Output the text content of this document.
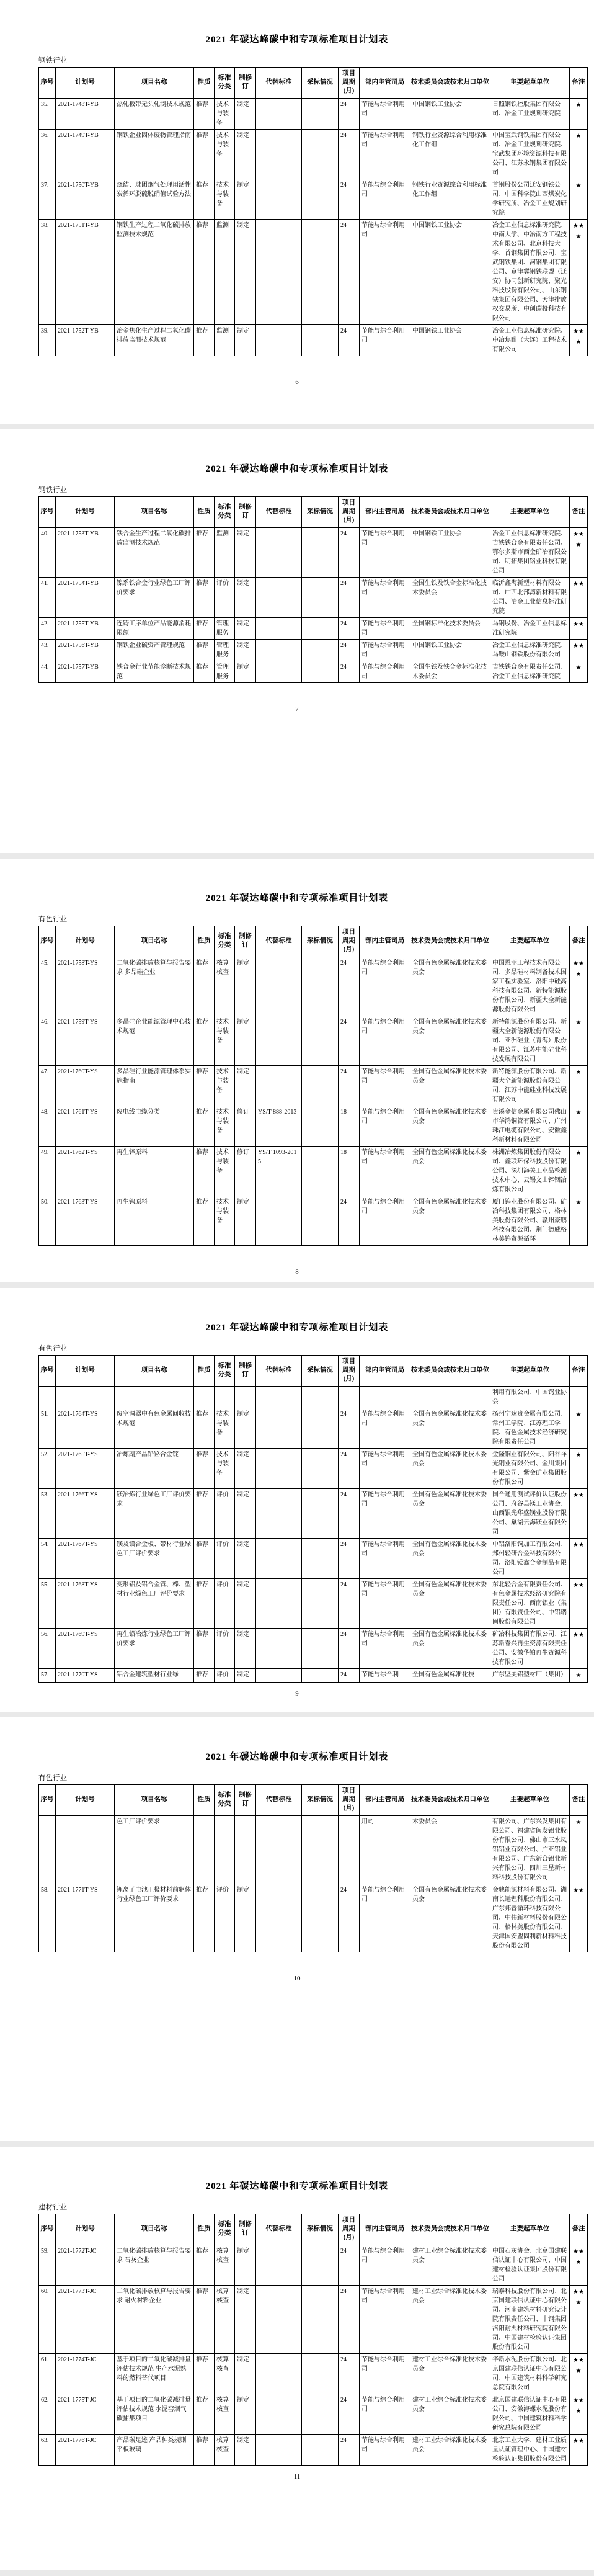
2021 年碳达峰碳中和专项标准项目计划表
钢铁行业
序号	计划号	项目名称	性质	标准分类	制修订	代替标准	采标情况	项目周期(月)	部内主管司局	技术委员会或技术归口单位	主要起草单位	备注
35.	2021-1748T-YB	热轧板带无头轧制技术规范	推荐	技术与装备	制定			24	节能与综合利用司	中国钢铁工业协会	日照钢铁控股集团有限公司、冶金工业规划研究院	★
36.	2021-1749T-YB	钢铁企业固体废物管理指南	推荐	技术与装备	制定			24	节能与综合利用司	钢铁行业资源综合利用标准化工作组	中国宝武钢铁集团有限公司、冶金工业规划研究院、宝武集团环境资源科技有限公司、江苏永钢集团有限公司	★
37.	2021-1750T-YB	烧结、球团烟气处理用活性炭循环脱硫脱硝值试验方法	推荐	技术与装备	制定			24	节能与综合利用司	钢铁行业资源综合利用标准化工作组	首钢股份公司迁安钢铁公司、中国科学院山西煤炭化学研究所、冶金工业规划研究院	★
38.	2021-1751T-YB	钢铁生产过程二氧化碳排放监测技术规范	推荐	监测	制定			24	节能与综合利用司	中国钢铁工业协会	冶金工业信息标准研究院、中南大学、中冶南方工程技术有限公司、北京科技大学、首钢集团有限公司、宝武钢铁集团、河钢集团有限公司、京津冀钢铁联盟（迁安）协同创新研究院、聚光科技股份有限公司、山东钢铁集团有限公司、天津排放权交易所、中创碳投科技有限公司	★★★
39.	2021-1752T-YB	冶金焦化生产过程二氧化碳排放监测技术规范	推荐	监测	制定			24	节能与综合利用司	中国钢铁工业协会	冶金工业信息标准研究院、中冶焦耐（大连）工程技术有限公司	★★★
6
2021 年碳达峰碳中和专项标准项目计划表
钢铁行业
序号	计划号	项目名称	性质	标准分类	制修订	代替标准	采标情况	项目周期(月)	部内主管司局	技术委员会或技术归口单位	主要起草单位	备注
40.	2021-1753T-YB	铁合金生产过程二氧化碳排放监测技术规范	推荐	监测	制定			24	节能与综合利用司	中国钢铁工业协会	冶金工业信息标准研究院、吉铁铁合金有限责任公司、鄂尔多斯市西金矿冶有限公司、明拓集团铬业科技有限公司	★★★
41.	2021-1754T-YB	镍系铁合金行业绿色工厂评价要求	推荐	评价	制定			24	节能与综合利用司	全国生铁及铁合金标准化技术委员会	临沂鑫海新型材料有限公司、广西北部湾新材料有限公司、冶金工业信息标准研究院	★★
42.	2021-1755T-YB	连铸工序单位产品能源消耗限额	推荐	管理服务	制定			24	节能与综合利用司	全国钢标准化技术委员会	马钢股份、冶金工业信息标准研究院	★★
43.	2021-1756T-YB	钢铁企业碳资产管理规范	推荐	管理服务	制定			24	节能与综合利用司	中国钢铁工业协会	冶金工业信息标准研究院、马鞍山钢铁股份有限公司	★★
44.	2021-1757T-YB	铁合金行业节能诊断技术规范	推荐	管理服务	制定			24	节能与综合利用司	全国生铁及铁合金标准化技术委员会	吉铁铁合金有限责任公司、冶金工业信息标准研究院	★
7
2021 年碳达峰碳中和专项标准项目计划表
有色行业
序号	计划号	项目名称	性质	标准分类	制修订	代替标准	采标情况	项目周期(月)	部内主管司局	技术委员会或技术归口单位	主要起草单位	备注
45.	2021-1758T-YS	二氧化碳排放核算与报告要求 多晶硅企业	推荐	核算核查	制定			24	节能与综合利用司	全国有色金属标准化技术委员会	中国恩菲工程技术有限公司、多晶硅材料制备技术国家工程实验室、洛阳中硅高科技有限公司、新特能源股份有限公司、新疆大全新能源股份有限公司	★★★
46.	2021-1759T-YS	多晶硅企业能源管理中心技术规范	推荐	技术与装备	制定			24	节能与综合利用司	全国有色金属标准化技术委员会	新特能源股份有限公司、新疆大全新能源股份有限公司、亚洲硅业（青海）股份有限公司、江苏中能硅业科技发展有限公司	★
47.	2021-1760T-YS	多晶硅行业能源管理体系实施指南	推荐	技术与装备	制定			24	节能与综合利用司	全国有色金属标准化技术委员会	新特能源股份有限公司、新疆大全新能源股份有限公司、江苏中能硅业科技发展有限公司	★
48.	2021-1761T-YS	废电线电缆分类	推荐	技术与装备	修订	YS/T 888-2013		18	节能与综合利用司	全国有色金属标准化技术委员会	贵溪金信金属有限公司佛山市华鸿铜管有限公司、广州珠江电缆有限公司、安徽鑫科新材料有限公司	★
49.	2021-1762T-YS	再生锌原料	推荐	技术与装备	修订	YS/T 1093-2015		18	节能与综合利用司	全国有色金属标准化技术委员会	株洲冶炼集团股份有限公司、鑫联环保科技股份有限公司、深圳海关工业品检测技术中心、云锡文山锌铟冶炼有限公司	★
50.	2021-1763T-YS	再生钨原料	推荐	技术与装备	制定			24	节能与综合利用司	全国有色金属标准化技术委员会	厦门钨业股份有限公司、矿冶科技集团有限公司、格林美股份有限公司、赣州豪鹏科技有限公司、荆门德威格林美钨资源循环	★
8
2021 年碳达峰碳中和专项标准项目计划表
有色行业
序号	计划号	项目名称	性质	标准分类	制修订	代替标准	采标情况	项目周期(月)	部内主管司局	技术委员会或技术归口单位	主要起草单位	备注
											利用有限公司、中国钨业协会	
51.	2021-1764T-YS	废空调器中有色金属回收技术规范	推荐	技术与装备	制定			24	节能与综合利用司	全国有色金属标准化技术委员会	扬州宁达贵金属有限公司、常州工学院、江苏理工学院、有色金属技术经济研究院有限责任公司	★
52.	2021-1765T-YS	冶炼副产品铅铋合金锭	推荐	技术与装备	制定			24	节能与综合利用司	全国有色金属标准化技术委员会	金隆铜业有限公司、阳谷祥光铜业有限公司、金川集团有限公司、紫金矿业集团股份有限公司	★
53.	2021-1766T-YS	镁冶炼行业绿色工厂评价要求	推荐	评价	制定			24	节能与综合利用司	全国有色金属标准化技术委员会	国合通用测试评价认证股份公司、府谷县镁工业协会、山西银光华盛镁业股份有限公司、巢湖云海镁业有限公司	★★
54.	2021-1767T-YS	镁及镁合金板、带材行业绿色工厂评价要求	推荐	评价	制定			24	节能与综合利用司	全国有色金属标准化技术委员会	中铝洛阳铜加工有限公司、郑州轻研合金科技有限公司、洛阳镁鑫合金制品有限公司	★★
55.	2021-1768T-YS	变形铝及铝合金管、棒、型材行业绿色工厂评价要求	推荐	评价	制定			24	节能与综合利用司	全国有色金属标准化技术委员会	东北轻合金有限责任公司、有色金属技术经济研究院有限责任公司、西南铝业（集团）有限责任公司、中铝瑞闽股份有限公司	★★
56.	2021-1769T-YS	再生铅冶炼行业绿色工厂评价要求	推荐	评价	制定			24	节能与综合利用司	全国有色金属标准化技术委员会	矿冶科技集团有限公司、江苏新春兴再生资源有限责任公司、安徽华铂再生资源科技有限公司	★★
57.	2021-1770T-YS	铝合金建筑型材行业绿	推荐	评价	制定			24	节能与综合利	全国有色金属标准化技	广东坚美铝型材厂（集团）	★
9
2021 年碳达峰碳中和专项标准项目计划表
有色行业
序号	计划号	项目名称	性质	标准分类	制修订	代替标准	采标情况	项目周期(月)	部内主管司局	技术委员会或技术归口单位	主要起草单位	备注
		色工厂评价要求							用司	术委员会	有限公司、广东兴发集团有限公司、福建省闽发铝业股份有限公司、佛山市三水凤铝铝业有限公司、广亚铝业有限公司、广东新合铝业新兴有限公司、四川三星新材料科技股份有限公司	★
58.	2021-1771T-YS	锂离子电池正极材料前驱体行业绿色工厂评价要求	推荐	评价	制定			24	节能与综合利用司	全国有色金属标准化技术委员会	金驰能源材料有限公司、湖南长远锂科股份有限公司、广东邦普循环科技有限公司、中伟新材料股份有限公司、格林美股份有限公司、天津国安盟固利新材料科技股份有限公司	★★
10
2021 年碳达峰碳中和专项标准项目计划表
建材行业
序号	计划号	项目名称	性质	标准分类	制修订	代替标准	采标情况	项目周期(月)	部内主管司局	技术委员会或技术归口单位	主要起草单位	备注
59.	2021-1772T-JC	二氧化碳排放核算与报告要求 石灰企业	推荐	核算核查	制定			24	节能与综合利用司	建材工业综合标准化技术委员会	中国石灰协会、北京国建联信认证中心有限公司、中国建材检验认证集团股份有限公司	★★★
60.	2021-1773T-JC	二氧化碳排放核算与报告要求 耐火材料企业	推荐	核算核查	制定			24	节能与综合利用司	建材工业综合标准化技术委员会	瑞泰科技股份有限公司、北京国建联信认证中心有限公司、河南建筑材料研究设计院有限责任公司、中钢集团洛阳耐火材料研究院有限公司、中国建材检验认证集团股份有限公司	★★★
61.	2021-1774T-JC	基于项目的二氧化碳减排量评估技术规范 生产水泥熟料的燃料替代项目	推荐	核算核查	制定			24	节能与综合利用司	建材工业综合标准化技术委员会	华新水泥股份有限公司、北京国建联信认证中心有限公司、中国建筑材料科学研究总院有限公司	★★★
62.	2021-1775T-JC	基于项目的二氧化碳减排量评估技术规范 水泥窑烟气碳捕集项目	推荐	核算核查	制定			24	节能与综合利用司	建材工业综合标准化技术委员会	北京国建联信认证中心有限公司、安徽海螺水泥股份有限公司、中国建筑材料科学研究总院有限公司	★★★
63.	2021-1776T-JC	产品碳足迹 产品种类规则 平板玻璃	推荐	核算核查	制定			24	节能与综合利用司	建材工业综合标准化技术委员会	北京工业大学、建材工业质量认证管理中心、中国建材检验认证集团股份有限公司	★★
11
